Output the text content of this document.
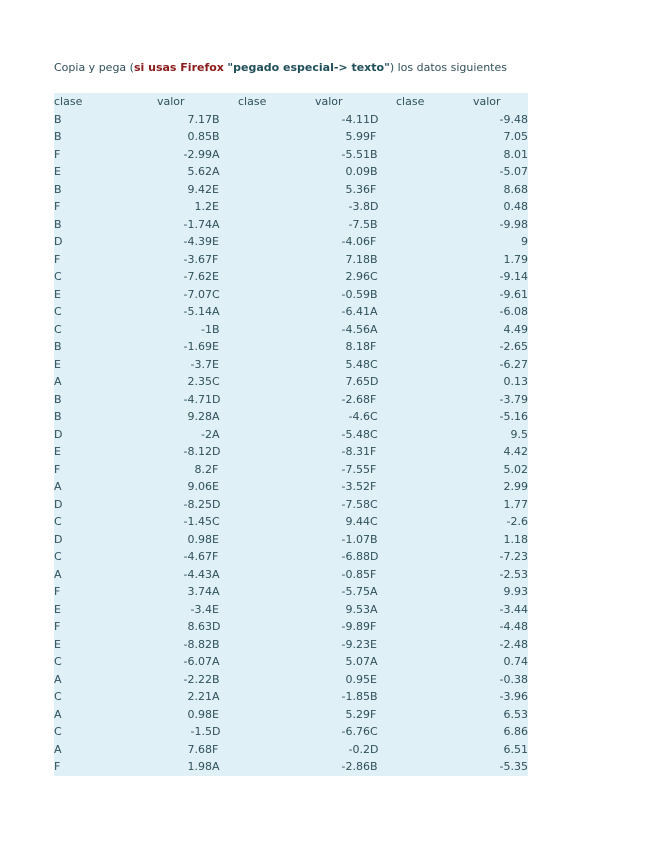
Copia y pega (si usas Firefox "pegado especial-> texto") los datos siguientes
clase	valor	clase	valor	clase	valor
B	7.17	B	-4.11	D	-9.48
B	0.85	B	5.99	F	7.05
F	-2.99	A	-5.51	B	8.01
E	5.62	A	0.09	B	-5.07
B	9.42	E	5.36	F	8.68
F	1.2	E	-3.8	D	0.48
B	-1.74	A	-7.5	B	-9.98
D	-4.39	E	-4.06	F	9
F	-3.67	F	7.18	B	1.79
C	-7.62	E	2.96	C	-9.14
E	-7.07	C	-0.59	B	-9.61
C	-5.14	A	-6.41	A	-6.08
C	-1	B	-4.56	A	4.49
B	-1.69	E	8.18	F	-2.65
E	-3.7	E	5.48	C	-6.27
A	2.35	C	7.65	D	0.13
B	-4.71	D	-2.68	F	-3.79
B	9.28	A	-4.6	C	-5.16
D	-2	A	-5.48	C	9.5
E	-8.12	D	-8.31	F	4.42
F	8.2	F	-7.55	F	5.02
A	9.06	E	-3.52	F	2.99
D	-8.25	D	-7.58	C	1.77
C	-1.45	C	9.44	C	-2.6
D	0.98	E	-1.07	B	1.18
C	-4.67	F	-6.88	D	-7.23
A	-4.43	A	-0.85	F	-2.53
F	3.74	A	-5.75	A	9.93
E	-3.4	E	9.53	A	-3.44
F	8.63	D	-9.89	F	-4.48
E	-8.82	B	-9.23	E	-2.48
C	-6.07	A	5.07	A	0.74
A	-2.22	B	0.95	E	-0.38
C	2.21	A	-1.85	B	-3.96
A	0.98	E	5.29	F	6.53
C	-1.5	D	-6.76	C	6.86
A	7.68	F	-0.2	D	6.51
F	1.98	A	-2.86	B	-5.35
